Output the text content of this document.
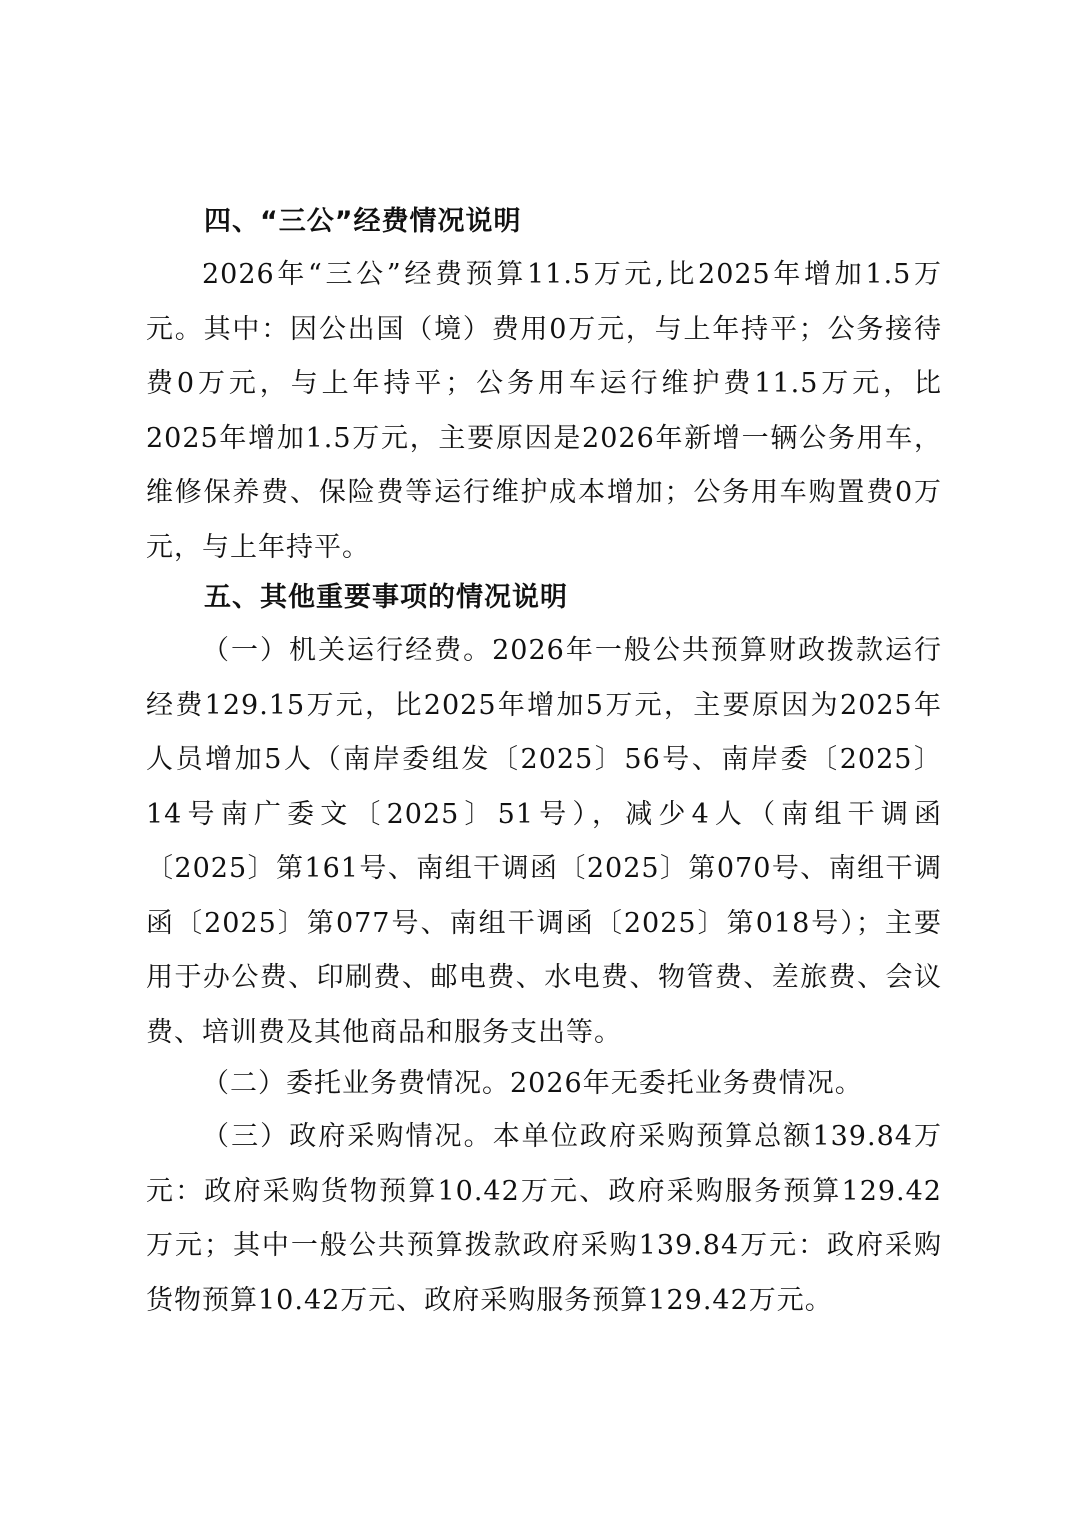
四、“三公”经费情况说明

2026年“三公”经费预算11.5万元,比2025年增加1.5万元。其中：因公出国（境）费用0万元，与上年持平；公务接待费0万元，与上年持平；公务用车运行维护费11.5万元，比2025年增加1.5万元，主要原因是2026年新增一辆公务用车，维修保养费、保险费等运行维护成本增加；公务用车购置费0万元，与上年持平。

五、其他重要事项的情况说明

（一）机关运行经费。2026年一般公共预算财政拨款运行经费129.15万元，比2025年增加5万元，主要原因为2025年人员增加5人（南岸委组发〔2025〕56号、南岸委〔2025〕14号南广委文〔2025〕51号），减少4人（南组干调函〔2025〕第161号、南组干调函〔2025〕第070号、南组干调函〔2025〕第077号、南组干调函〔2025〕第018号）；主要用于办公费、印刷费、邮电费、水电费、物管费、差旅费、会议费、培训费及其他商品和服务支出等。

（二）委托业务费情况。2026年无委托业务费情况。

（三）政府采购情况。本单位政府采购预算总额139.84万元：政府采购货物预算10.42万元、政府采购服务预算129.42万元；其中一般公共预算拨款政府采购139.84万元：政府采购货物预算10.42万元、政府采购服务预算129.42万元。
